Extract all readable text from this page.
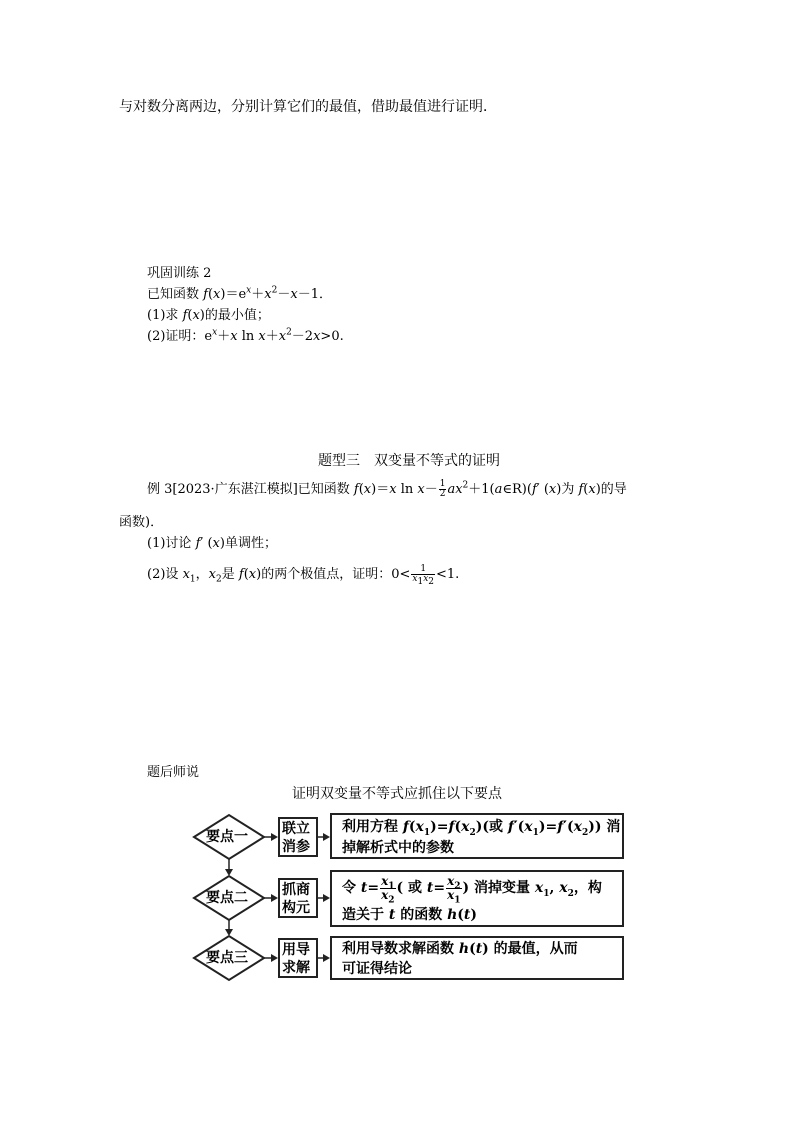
与对数分离两边，分别计算它们的最值，借助最值进行证明．
巩固训练 2
已知函数 $f(x)=e^x+x^2-x-1$．
(1)求 f(x)的最小值；
(2)证明：$e^x+x$ $\ln x+x^2-2x>0$.
题型三　双变量不等式的证明
例 3[2023·广东湛江模拟]已知函数 f(x)＝x $\ln x- \frac{1}{2}$ $ax^2+1(a\in R)(f'$ (x)为 f(x)的导
函数)．
(1)讨论 f′ (x)单调性；
(2)设 $x_1$，$x_2$是 f(x)的两个极值点，证明：$0< \frac{1}{x_1x_2} <1$.
题后师说
证明双变量不等式应抓住以下要点
要点一
要点二
要点三
联立
消参
抓商
构元
用导
求解
利用方程 $f(x_1)=f(x_2)$(或 $f'(x_1)=f'(x_2)$) 消
掉解析式中的参数
令 $t= \frac{x_1}{x_2}$ ( 或 $t= \frac{x_2}{x_1}$ ) 消掉变量 $x_1$, $x_2$，构
造关于 t 的函数 h(t)
利用导数求解函数 h(t) 的最值，从而
可证得结论
